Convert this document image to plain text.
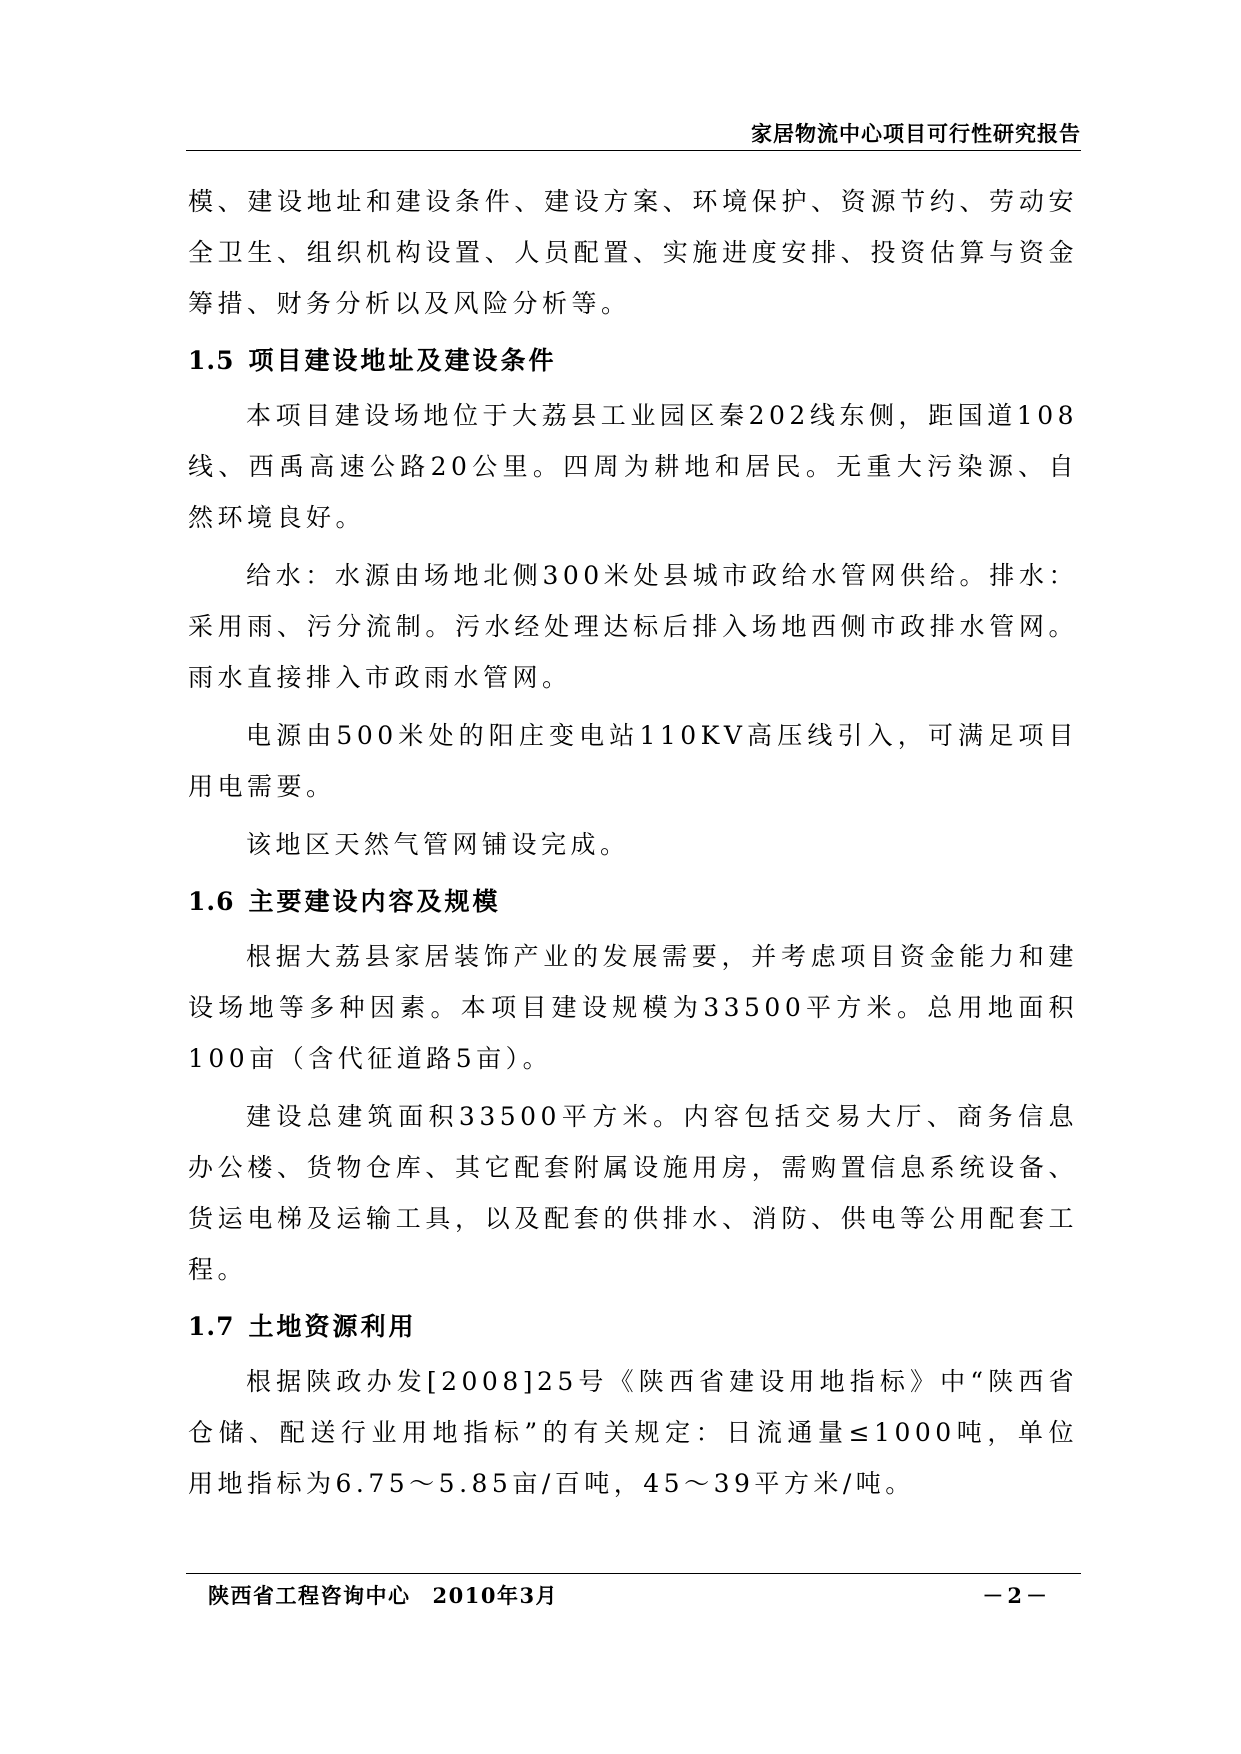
家居物流中心项目可行性研究报告

模、建设地址和建设条件、建设方案、环境保护、资源节约、劳动安全卫生、组织机构设置、人员配置、实施进度安排、投资估算与资金筹措、财务分析以及风险分析等。

1.5 项目建设地址及建设条件

本项目建设场地位于大荔县工业园区秦202线东侧，距国道108线、西禹高速公路20公里。四周为耕地和居民。无重大污染源、自然环境良好。

给水：水源由场地北侧300米处县城市政给水管网供给。排水：采用雨、污分流制。污水经处理达标后排入场地西侧市政排水管网。雨水直接排入市政雨水管网。

电源由500米处的阳庄变电站110KV高压线引入，可满足项目用电需要。

该地区天然气管网铺设完成。

1.6 主要建设内容及规模

根据大荔县家居装饰产业的发展需要，并考虑项目资金能力和建设场地等多种因素。本项目建设规模为33500平方米。总用地面积100亩（含代征道路5亩）。

建设总建筑面积33500平方米。内容包括交易大厅、商务信息办公楼、货物仓库、其它配套附属设施用房，需购置信息系统设备、货运电梯及运输工具，以及配套的供排水、消防、供电等公用配套工程。

1.7 土地资源利用

根据陕政办发[2008]25号《陕西省建设用地指标》中“陕西省仓储、配送行业用地指标”的有关规定：日流通量≤1000吨，单位用地指标为6.75～5.85亩/百吨，45～39平方米/吨。

陕西省工程咨询中心 2010年3月	－2－
